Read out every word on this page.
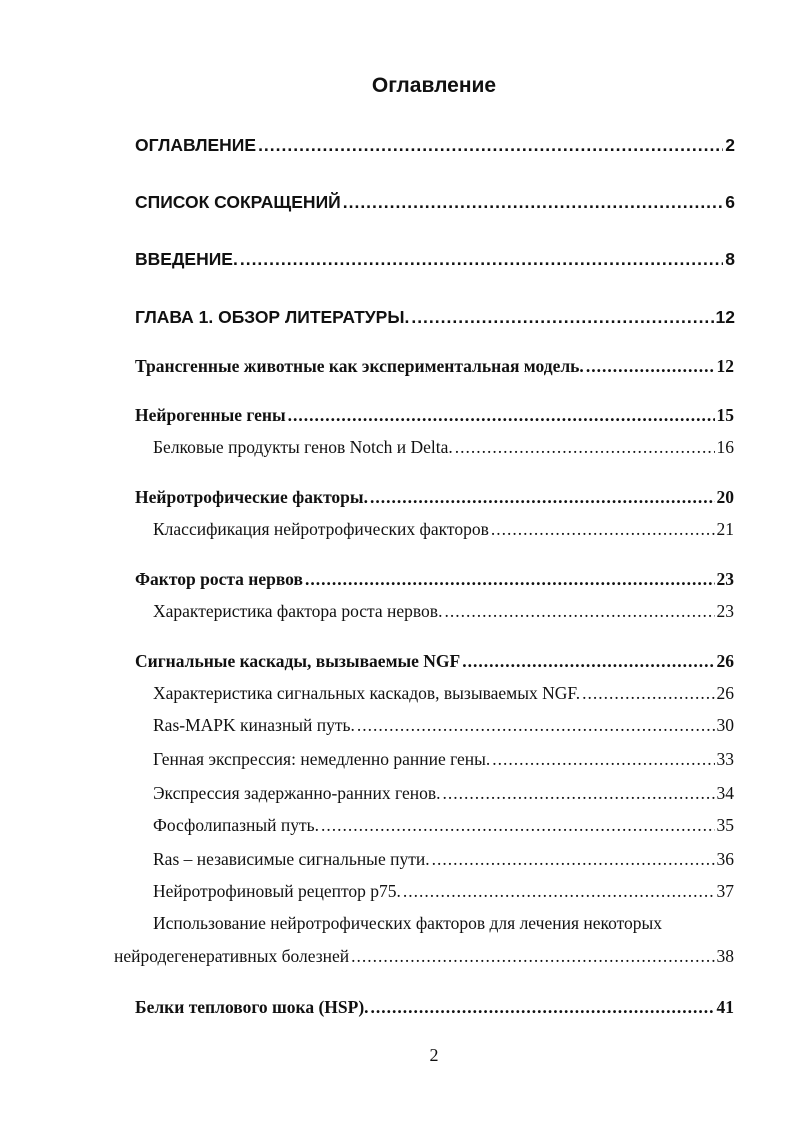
Оглавление
ОГЛАВЛЕНИЕ .....	2
СПИСОК СОКРАЩЕНИЙ .....	6
ВВЕДЕНИЕ. .....	8
ГЛАВА 1. ОБЗОР ЛИТЕРАТУРЫ. .....	12
Трансгенные животные как экспериментальная модель. .....	12
Нейрогенные гены .....	15
Белковые продукты генов Notch и Delta. .....	16
Нейротрофические факторы. .....	20
Классификация нейротрофических факторов .....	21
Фактор роста нервов .....	23
Характеристика фактора роста нервов. .....	23
Сигнальные каскады, вызываемые NGF .....	26
Характеристика сигнальных каскадов, вызываемых NGF. .....	26
Ras-MAPK киназный путь. .....	30
Генная экспрессия: немедленно ранние гены. .....	33
Экспрессия задержанно-ранних генов. .....	34
Фосфолипазный путь. .....	35
Ras – независимые сигнальные пути. .....	36
Нейротрофиновый рецептор p75. .....	37
Использование нейротрофических факторов для лечения некоторых
нейродегенеративных болезней .....	38
Белки теплового шока (HSP). .....	41
2
